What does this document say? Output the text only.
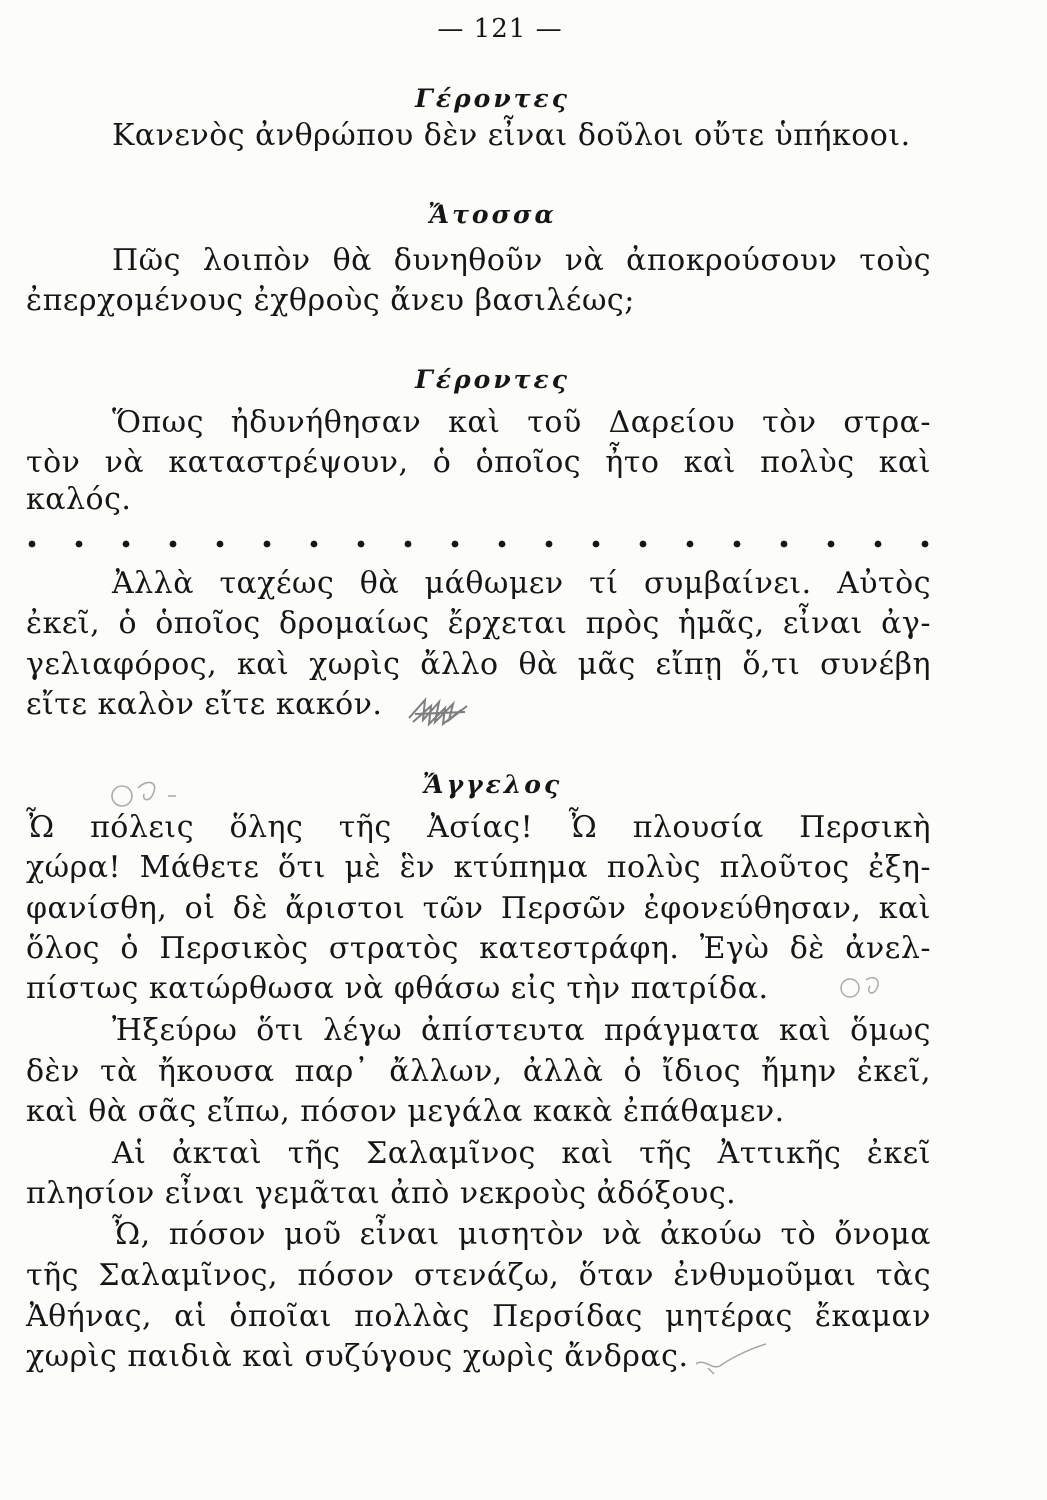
— 121 —
Γέροντες
Κανενὸς ἀνθρώπου δὲν εἶναι δοῦλοι οὔτε ὑπήκοοι.
Ἄτοσσα
Πῶς λοιπὸν θὰ δυνηθοῦν νὰ ἀποκρούσουν τοὺς
ἐπερχομένους ἐχθροὺς ἄνευ βασιλέως;
Γέροντες
Ὅπως ἠδυνήθησαν καὶ τοῦ Δαρείου τὸν στρα-
τὸν νὰ καταστρέψουν, ὁ ὁποῖος ἦτο καὶ πολὺς καὶ
καλός.
Ἀλλὰ ταχέως θὰ μάθωμεν τί συμβαίνει. Αὐτὸς
ἐκεῖ, ὁ ὁποῖος δρομαίως ἔρχεται πρὸς ἡμᾶς, εἶναι ἀγ-
γελιαφόρος, καὶ χωρὶς ἄλλο θὰ μᾶς εἴπῃ ὅ,τι συνέβη
εἴτε καλὸν εἴτε κακόν.
Ἄγγελος
Ὦ πόλεις ὅλης τῆς Ἀσίας! Ὦ πλουσία Περσικὴ
χώρα! Μάθετε ὅτι μὲ ἓν κτύπημα πολὺς πλοῦτος ἐξη-
φανίσθη, οἱ δὲ ἄριστοι τῶν Περσῶν ἐφονεύθησαν, καὶ
ὅλος ὁ Περσικὸς στρατὸς κατεστράφη. Ἐγὼ δὲ ἀνελ-
πίστως κατώρθωσα νὰ φθάσω εἰς τὴν πατρίδα.
Ἠξεύρω ὅτι λέγω ἀπίστευτα πράγματα καὶ ὅμως
δὲν τὰ ἤκουσα παρ᾽ ἄλλων, ἀλλὰ ὁ ἴδιος ἤμην ἐκεῖ,
καὶ θὰ σᾶς εἴπω, πόσον μεγάλα κακὰ ἐπάθαμεν.
Αἱ ἀκταὶ τῆς Σαλαμῖνος καὶ τῆς Ἀττικῆς ἐκεῖ
πλησίον εἶναι γεμᾶται ἀπὸ νεκροὺς ἀδόξους.
Ὦ, πόσον μοῦ εἶναι μισητὸν νὰ ἀκούω τὸ ὄνομα
τῆς Σαλαμῖνος, πόσον στενάζω, ὅταν ἐνθυμοῦμαι τὰς
Ἀθήνας, αἱ ὁποῖαι πολλὰς Περσίδας μητέρας ἔκαμαν
χωρὶς παιδιὰ καὶ συζύγους χωρὶς ἄνδρας.
